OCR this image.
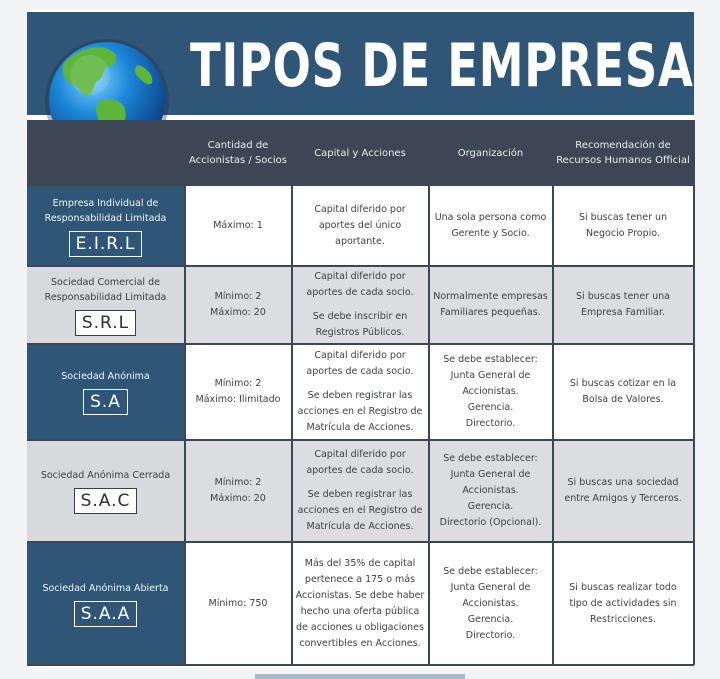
TIPOS DE EMPRESA
Cantidad de Accionistas / Socios
Capital y Acciones	Organización
Recomendación de Recursos Humanos Official
Empresa Individual de Responsabilidad Limitada
E.I.R.L
Máximo: 1
Capital diferido por aportes del único aportante.
Una sola persona como Gerente y Socio.
Si buscas tener un Negocio Propio.
Sociedad Comercial de Responsabilidad Limitada
S.R.L
Mínimo: 2
Máximo: 20
Capital diferido por aportes de cada socio.
Se debe inscribir en Registros Públicos.
Normalmente empresas Familiares pequeñas.
Si buscas tener una Empresa Familiar.
Sociedad Anónima
S.A
Mínimo: 2
Máximo: Ilimitado
Capital diferido por aportes de cada socio.
Se deben registrar las acciones en el Registro de Matrícula de Acciones.
Se debe establecer:
Junta General de Accionistas.
Gerencia.
Directorio.
Si buscas cotizar en la Bolsa de Valores.
Sociedad Anónima Cerrada
S.A.C
Mínimo: 2
Máximo: 20
Capital diferido por aportes de cada socio.
Se deben registrar las acciones en el Registro de Matrícula de Acciones.
Se debe establecer:
Junta General de Accionistas.
Gerencia.
Directorio (Opcional).
Si buscas una sociedad entre Amigos y Terceros.
Sociedad Anónima Abierta
S.A.A
Mínimo: 750
Más del 35% de capital pertenece a 175 o más Accionistas. Se debe haber hecho una oferta pública de acciones u obligaciones convertibles en Acciones.
Se debe establecer:
Junta General de Accionistas.
Gerencia.
Directorio.
Si buscas realizar todo tipo de actividades sin Restricciones.
